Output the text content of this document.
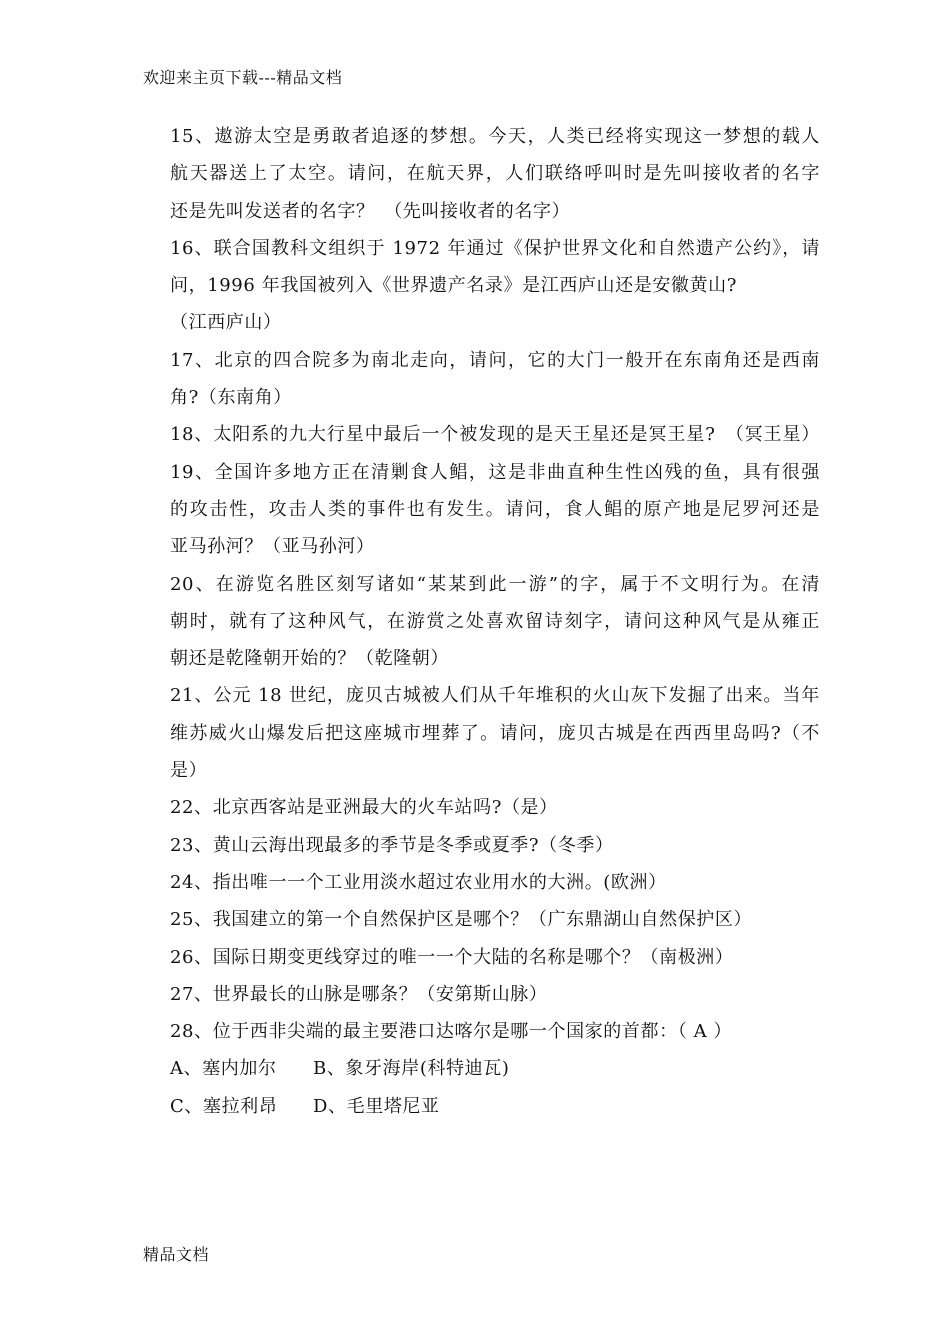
欢迎来主页下载---精品文档
15、遨游太空是勇敢者追逐的梦想。今天，人类已经将实现这一梦想的载人
航天器送上了太空。请问，在航天界，人们联络呼叫时是先叫接收者的名字
还是先叫发送者的名字？　（先叫接收者的名字）
16、联合国教科文组织于 1972 年通过《保护世界文化和自然遗产公约》，请
问，1996 年我国被列入《世界遗产名录》是江西庐山还是安徽黄山?
（江西庐山）
17、北京的四合院多为南北走向，请问，它的大门一般开在东南角还是西南
角?（东南角）
18、太阳系的九大行星中最后一个被发现的是天王星还是冥王星?　（冥王星）
19、全国许多地方正在清剿食人鲳，这是非曲直种生性凶残的鱼，具有很强
的攻击性，攻击人类的事件也有发生。请问，食人鲳的原产地是尼罗河还是
亚马孙河？（亚马孙河）
20、在游览名胜区刻写诸如“某某到此一游”的字，属于不文明行为。在清
朝时，就有了这种风气，在游赏之处喜欢留诗刻字，请问这种风气是从雍正
朝还是乾隆朝开始的？（乾隆朝）
21、公元 18 世纪，庞贝古城被人们从千年堆积的火山灰下发掘了出来。当年
维苏威火山爆发后把这座城市埋葬了。请问，庞贝古城是在西西里岛吗?（不
是）
22、北京西客站是亚洲最大的火车站吗?（是）
23、黄山云海出现最多的季节是冬季或夏季?（冬季）
24、指出唯一一个工业用淡水超过农业用水的大洲。(欧洲）
25、我国建立的第一个自然保护区是哪个？（广东鼎湖山自然保护区）
26、国际日期变更线穿过的唯一一个大陆的名称是哪个？（南极洲）
27、世界最长的山脉是哪条？（安第斯山脉）
28、位于西非尖端的最主要港口达喀尔是哪一个国家的首都：（ A ）
A、塞内加尔	B、象牙海岸(科特迪瓦)
C、塞拉利昂	D、毛里塔尼亚
精品文档
